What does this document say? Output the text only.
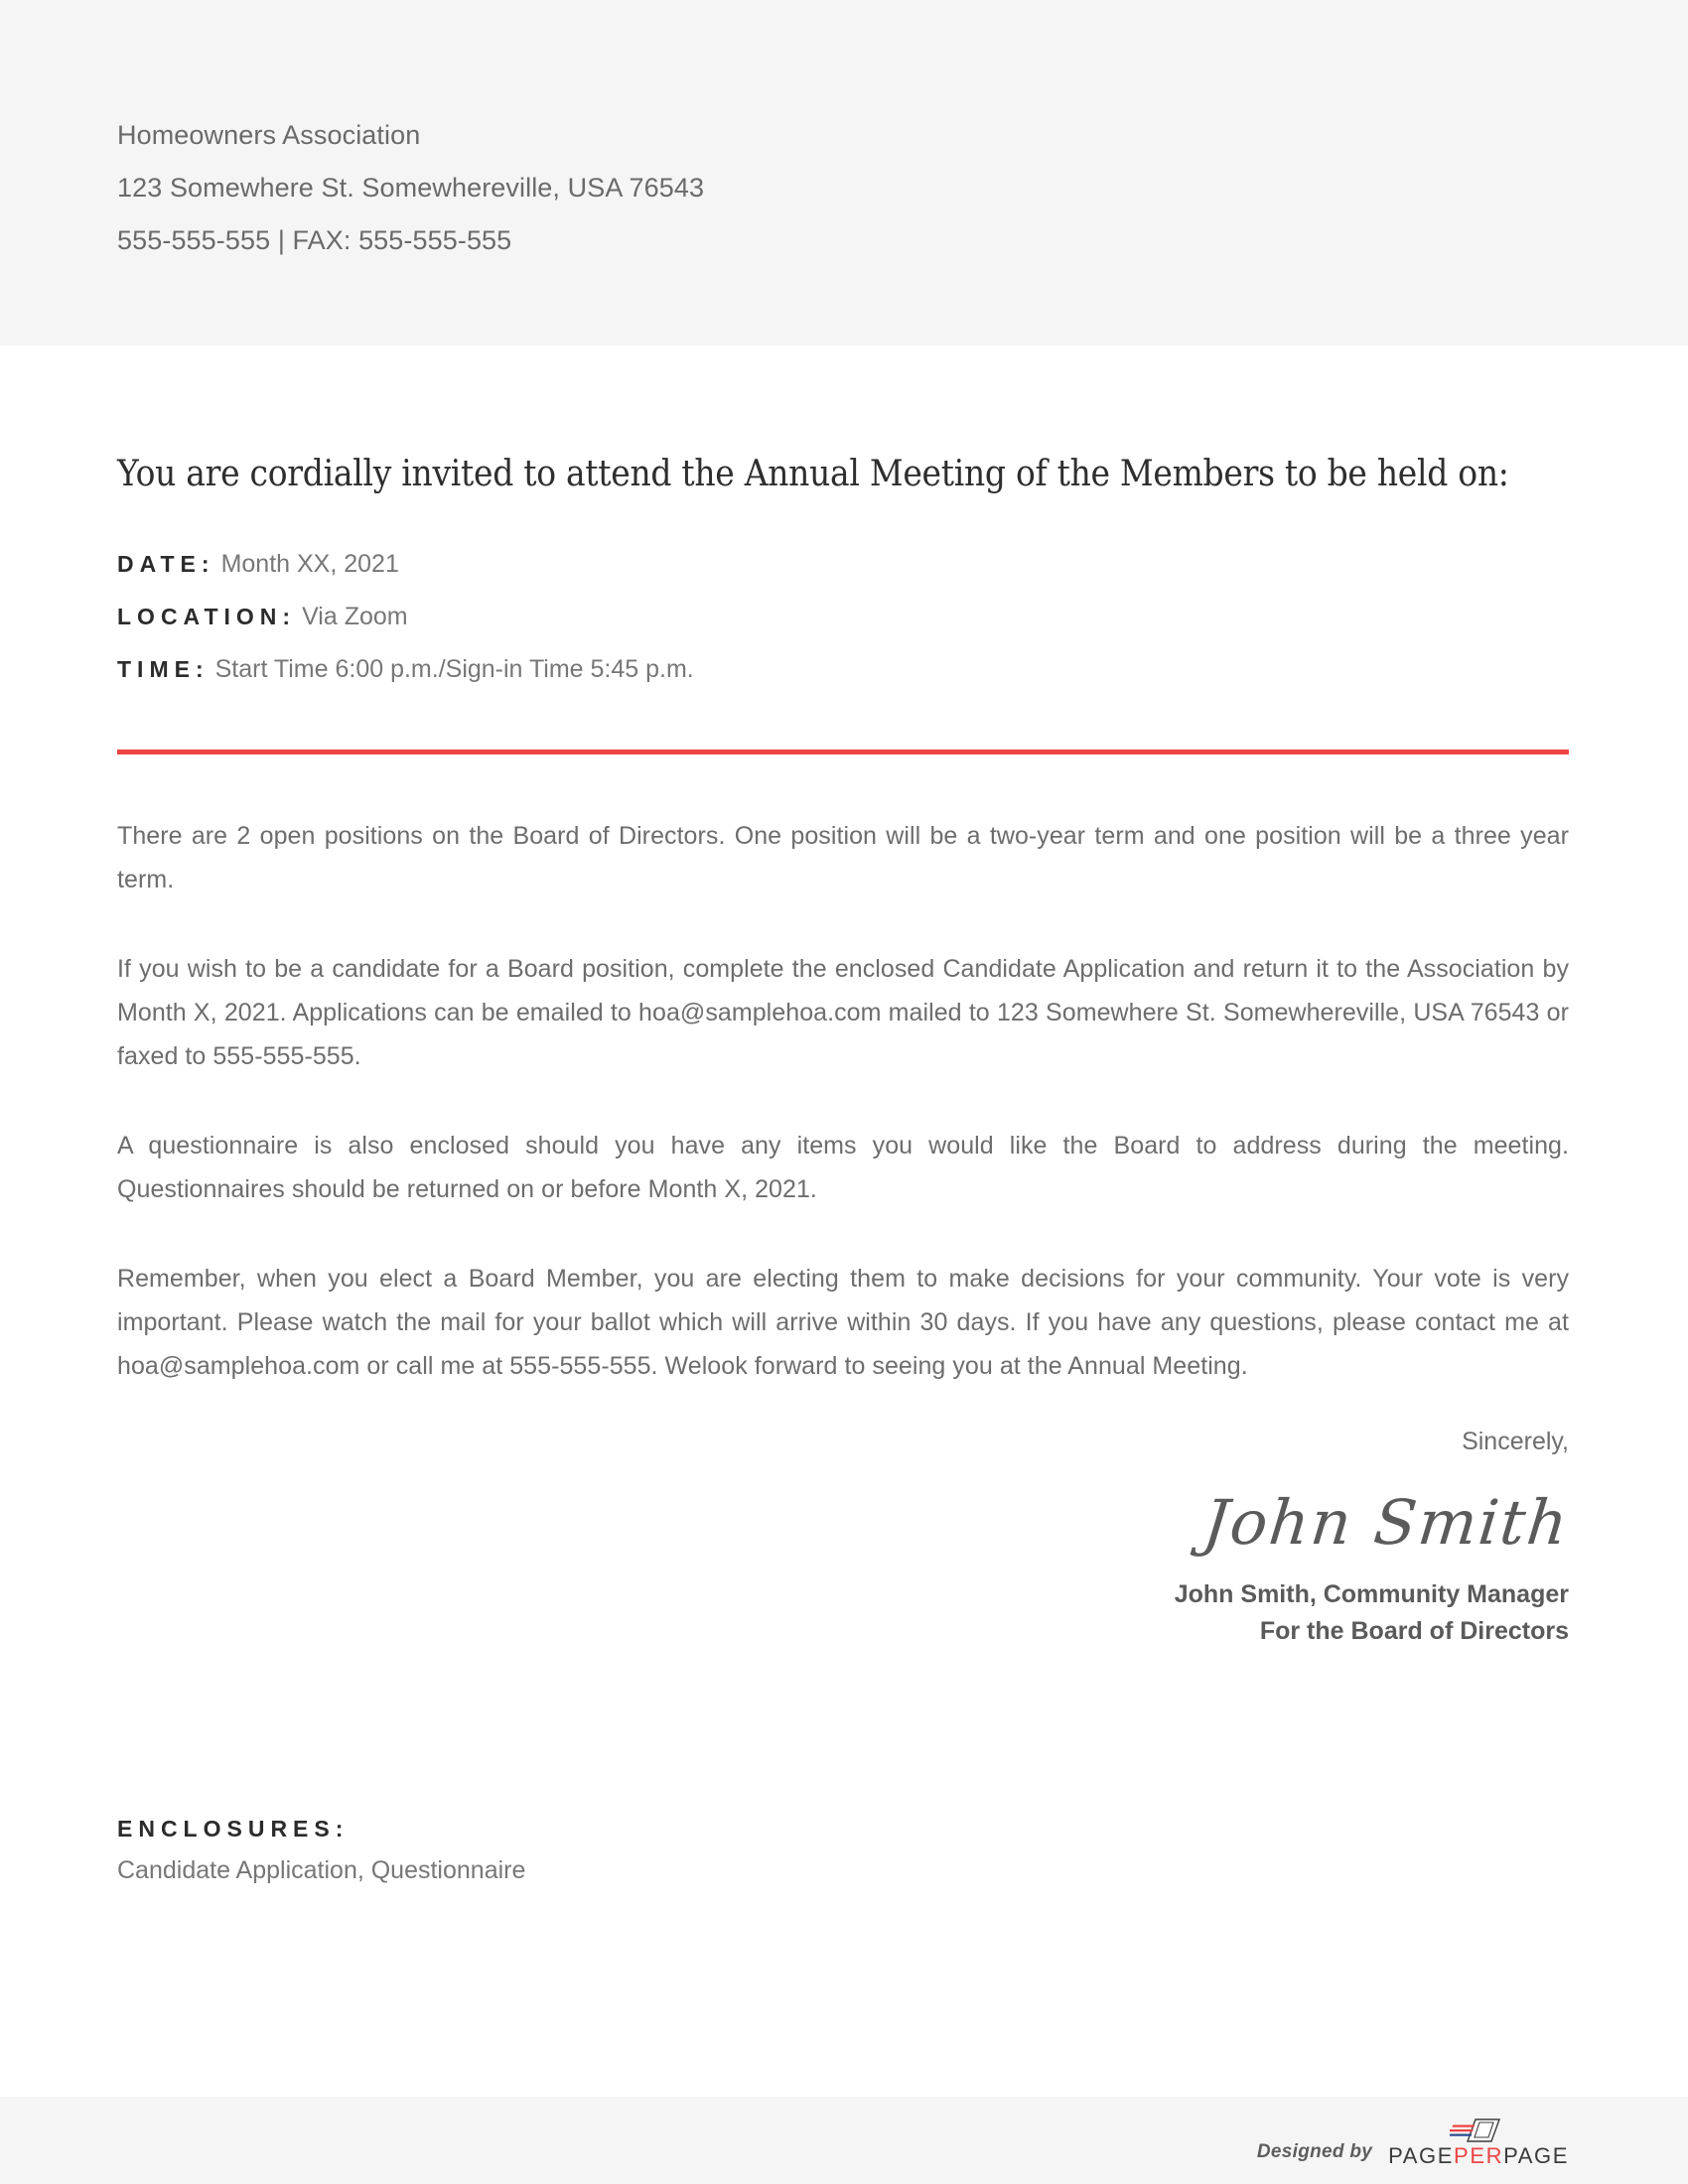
Homeowners Association
123 Somewhere St. Somewhereville, USA 76543
555-555-555 | FAX: 555-555-555
You are cordially invited to attend the Annual Meeting of the Members to be held on:
DATE: Month XX, 2021
LOCATION: Via Zoom
TIME: Start Time 6:00 p.m./Sign-in Time 5:45 p.m.

There are 2 open positions on the Board of Directors. One position will be a two-year term and one position will be a three year term.

If you wish to be a candidate for a Board position, complete the enclosed Candidate Application and return it to the Association by Month X, 2021. Applications can be emailed to hoa@samplehoa.com mailed to 123 Somewhere St. Somewhereville, USA 76543 or faxed to 555-555-555.

A questionnaire is also enclosed should you have any items you would like the Board to address during the meeting. Questionnaires should be returned on or before Month X, 2021.

Remember, when you elect a Board Member, you are electing them to make decisions for your community. Your vote is very important. Please watch the mail for your ballot which will arrive within 30 days. If you have any questions, please contact me at hoa@samplehoa.com or call me at 555-555-555. Welook forward to seeing you at the Annual Meeting.

Sincerely,
John Smith
John Smith, Community Manager
For the Board of Directors
ENCLOSURES:
Candidate Application, Questionnaire
Designed by PAGEPERPAGE
